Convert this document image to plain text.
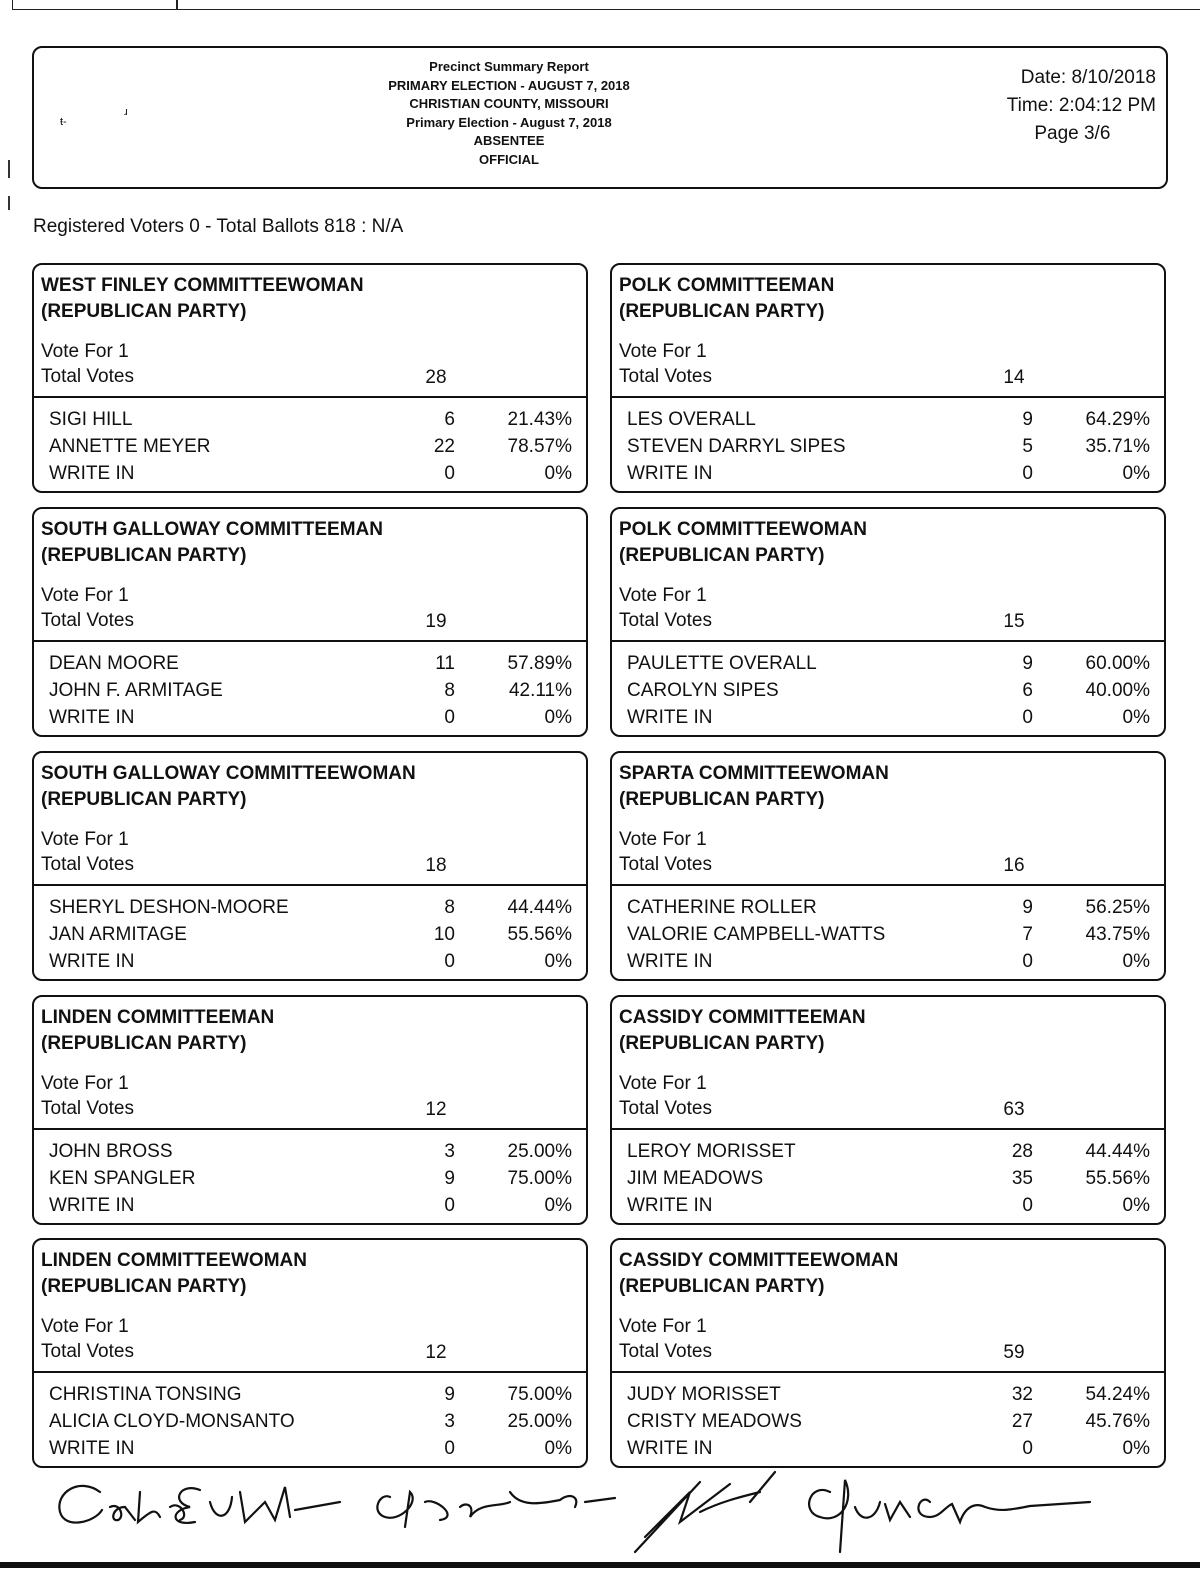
ŧ-
ɹ
Precinct Summary Report
PRIMARY ELECTION - AUGUST 7, 2018
CHRISTIAN COUNTY, MISSOURI
Primary Election - August 7, 2018
ABSENTEE
OFFICIAL
Date: 8/10/2018
Time: 2:04:12 PM
Page 3/6
Registered Voters 0 - Total Ballots 818 : N/A
WEST FINLEY COMMITTEEWOMAN
(REPUBLICAN PARTY)
Vote For 1
Total Votes	28
SIGI HILL	6	21.43%
ANNETTE MEYER	22	78.57%
WRITE IN	0	0%
POLK COMMITTEEMAN
(REPUBLICAN PARTY)
Vote For 1
Total Votes	14
LES OVERALL	9	64.29%
STEVEN DARRYL SIPES	5	35.71%
WRITE IN	0	0%
SOUTH GALLOWAY COMMITTEEMAN
(REPUBLICAN PARTY)
Vote For 1
Total Votes	19
DEAN MOORE	11	57.89%
JOHN F. ARMITAGE	8	42.11%
WRITE IN	0	0%
POLK COMMITTEEWOMAN
(REPUBLICAN PARTY)
Vote For 1
Total Votes	15
PAULETTE OVERALL	9	60.00%
CAROLYN SIPES	6	40.00%
WRITE IN	0	0%
SOUTH GALLOWAY COMMITTEEWOMAN
(REPUBLICAN PARTY)
Vote For 1
Total Votes	18
SHERYL DESHON-MOORE	8	44.44%
JAN ARMITAGE	10	55.56%
WRITE IN	0	0%
SPARTA COMMITTEEWOMAN
(REPUBLICAN PARTY)
Vote For 1
Total Votes	16
CATHERINE ROLLER	9	56.25%
VALORIE CAMPBELL-WATTS	7	43.75%
WRITE IN	0	0%
LINDEN COMMITTEEMAN
(REPUBLICAN PARTY)
Vote For 1
Total Votes	12
JOHN BROSS	3	25.00%
KEN SPANGLER	9	75.00%
WRITE IN	0	0%
CASSIDY COMMITTEEMAN
(REPUBLICAN PARTY)
Vote For 1
Total Votes	63
LEROY MORISSET	28	44.44%
JIM MEADOWS	35	55.56%
WRITE IN	0	0%
LINDEN COMMITTEEWOMAN
(REPUBLICAN PARTY)
Vote For 1
Total Votes	12
CHRISTINA TONSING	9	75.00%
ALICIA CLOYD-MONSANTO	3	25.00%
WRITE IN	0	0%
CASSIDY COMMITTEEWOMAN
(REPUBLICAN PARTY)
Vote For 1
Total Votes	59
JUDY MORISSET	32	54.24%
CRISTY MEADOWS	27	45.76%
WRITE IN	0	0%
